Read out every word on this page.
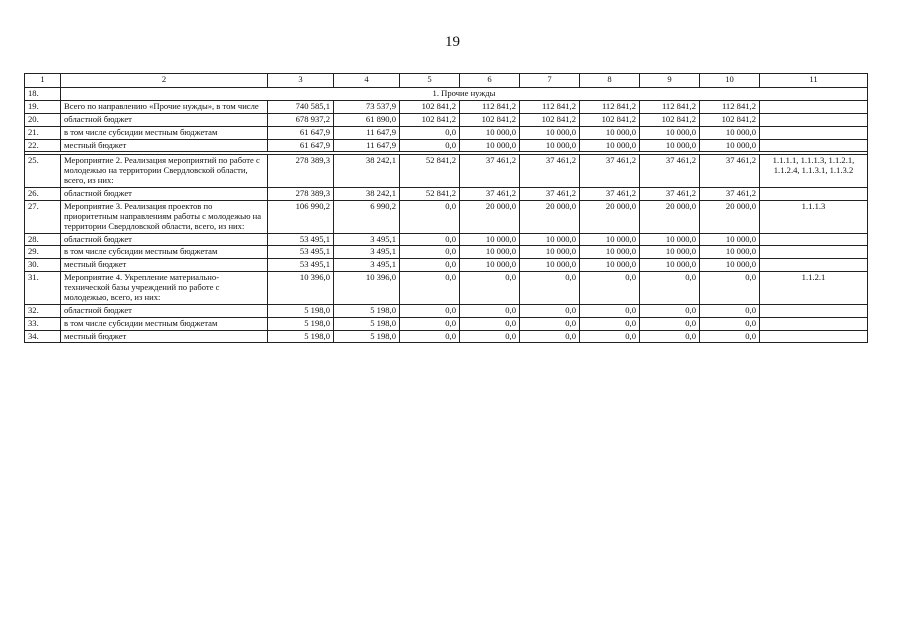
19
1	2	3	4	5	6	7	8	9	10	11
18.	1. Прочие нужды									
19.	Всего по направлению «Прочие нужды», в том числе	740 585,1	73 537,9	102 841,2	112 841,2	112 841,2	112 841,2	112 841,2	112 841,2	
20.	областной бюджет	678 937,2	61 890,0	102 841,2	102 841,2	102 841,2	102 841,2	102 841,2	102 841,2	
21.	в том числе субсидии местным бюджетам	61 647,9	11 647,9	0,0	10 000,0	10 000,0	10 000,0	10 000,0	10 000,0	
22.	местный бюджет	61 647,9	11 647,9	0,0	10 000,0	10 000,0	10 000,0	10 000,0	10 000,0	

25.	Мероприятие 2. Реализация мероприятий по работе с молодежью на территории Свердловской области, всего, из них:	278 389,3	38 242,1	52 841,2	37 461,2	37 461,2	37 461,2	37 461,2	37 461,2	1.1.1.1, 1.1.1.3, 1.1.2.1, 1.1.2.4, 1.1.3.1, 1.1.3.2
26.	областной бюджет	278 389,3	38 242,1	52 841,2	37 461,2	37 461,2	37 461,2	37 461,2	37 461,2	
27.	Мероприятие 3. Реализация проектов по приоритетным направлениям работы с молодежью на территории Свердловской области, всего, из них:	106 990,2	6 990,2	0,0	20 000,0	20 000,0	20 000,0	20 000,0	20 000,0	1.1.1.3
28.	областной бюджет	53 495,1	3 495,1	0,0	10 000,0	10 000,0	10 000,0	10 000,0	10 000,0	
29.	в том числе субсидии местным бюджетам	53 495,1	3 495,1	0,0	10 000,0	10 000,0	10 000,0	10 000,0	10 000,0	
30.	местный бюджет	53 495,1	3 495,1	0,0	10 000,0	10 000,0	10 000,0	10 000,0	10 000,0	
31.	Мероприятие 4. Укрепление материально-технической базы учреждений по работе с молодежью, всего, из них:	10 396,0	10 396,0	0,0	0,0	0,0	0,0	0,0	0,0	1.1.2.1
32.	областной бюджет	5 198,0	5 198,0	0,0	0,0	0,0	0,0	0,0	0,0	
33.	в том числе субсидии местным бюджетам	5 198,0	5 198,0	0,0	0,0	0,0	0,0	0,0	0,0	
34.	местный бюджет	5 198,0	5 198,0	0,0	0,0	0,0	0,0	0,0	0,0	
